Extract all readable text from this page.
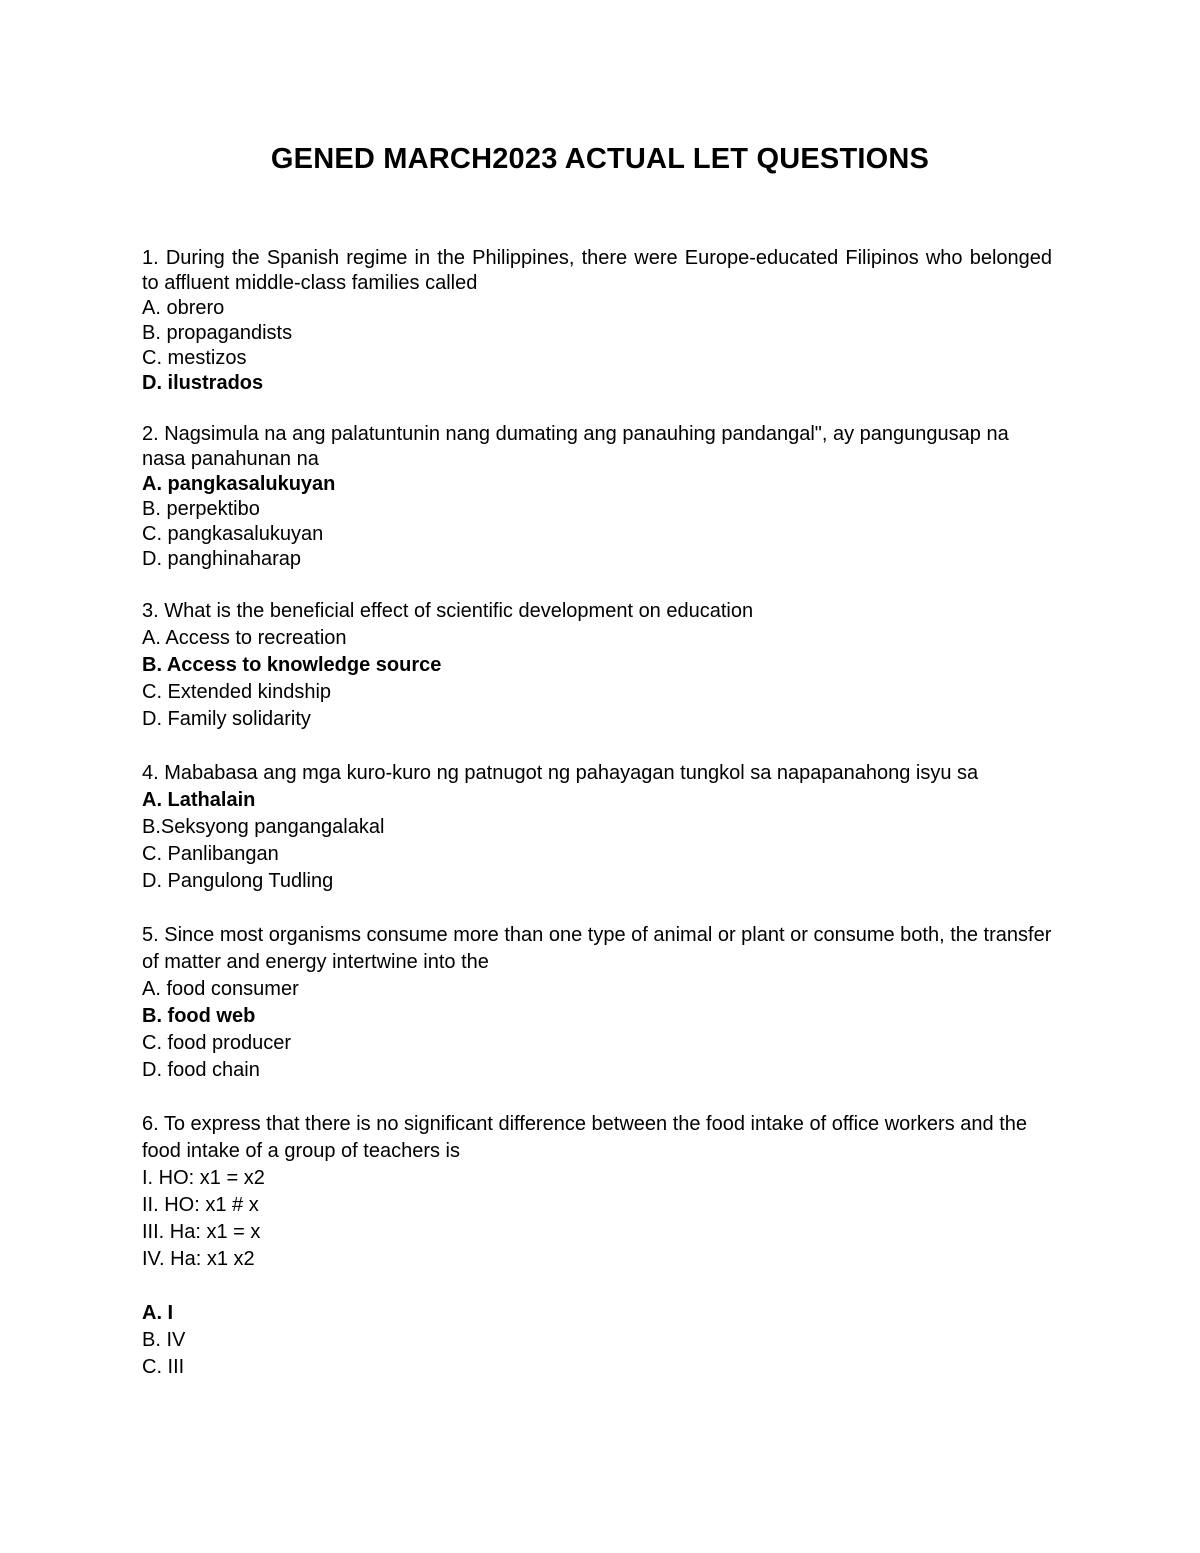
GENED MARCH2023 ACTUAL LET QUESTIONS

1. During the Spanish regime in the Philippines, there were Europe-educated Filipinos who belonged to affluent middle-class families called

A. obrero

B. propagandists

C. mestizos

D. ilustrados

2. Nagsimula na ang palatuntunin nang dumating ang panauhing pandangal", ay pangungusap na nasa panahunan na

A. pangkasalukuyan

B. perpektibo

C. pangkasalukuyan

D. panghinaharap

3. What is the beneficial effect of scientific development on education

A. Access to recreation

B. Access to knowledge source

C. Extended kindship

D. Family solidarity

4. Mababasa ang mga kuro-kuro ng patnugot ng pahayagan tungkol sa napapanahong isyu sa

A. Lathalain

B.Seksyong pangangalakal

C. Panlibangan

D. Pangulong Tudling

5. Since most organisms consume more than one type of animal or plant or consume both, the transfer of matter and energy intertwine into the

A. food consumer

B. food web

C. food producer

D. food chain

6. To express that there is no significant difference between the food intake of office workers and the food intake of a group of teachers is

I. HO: x1 = x2

II. HO: x1 # x

III. Ha: x1 = x

IV. Ha: x1 x2

A. I

B. IV

C. III
